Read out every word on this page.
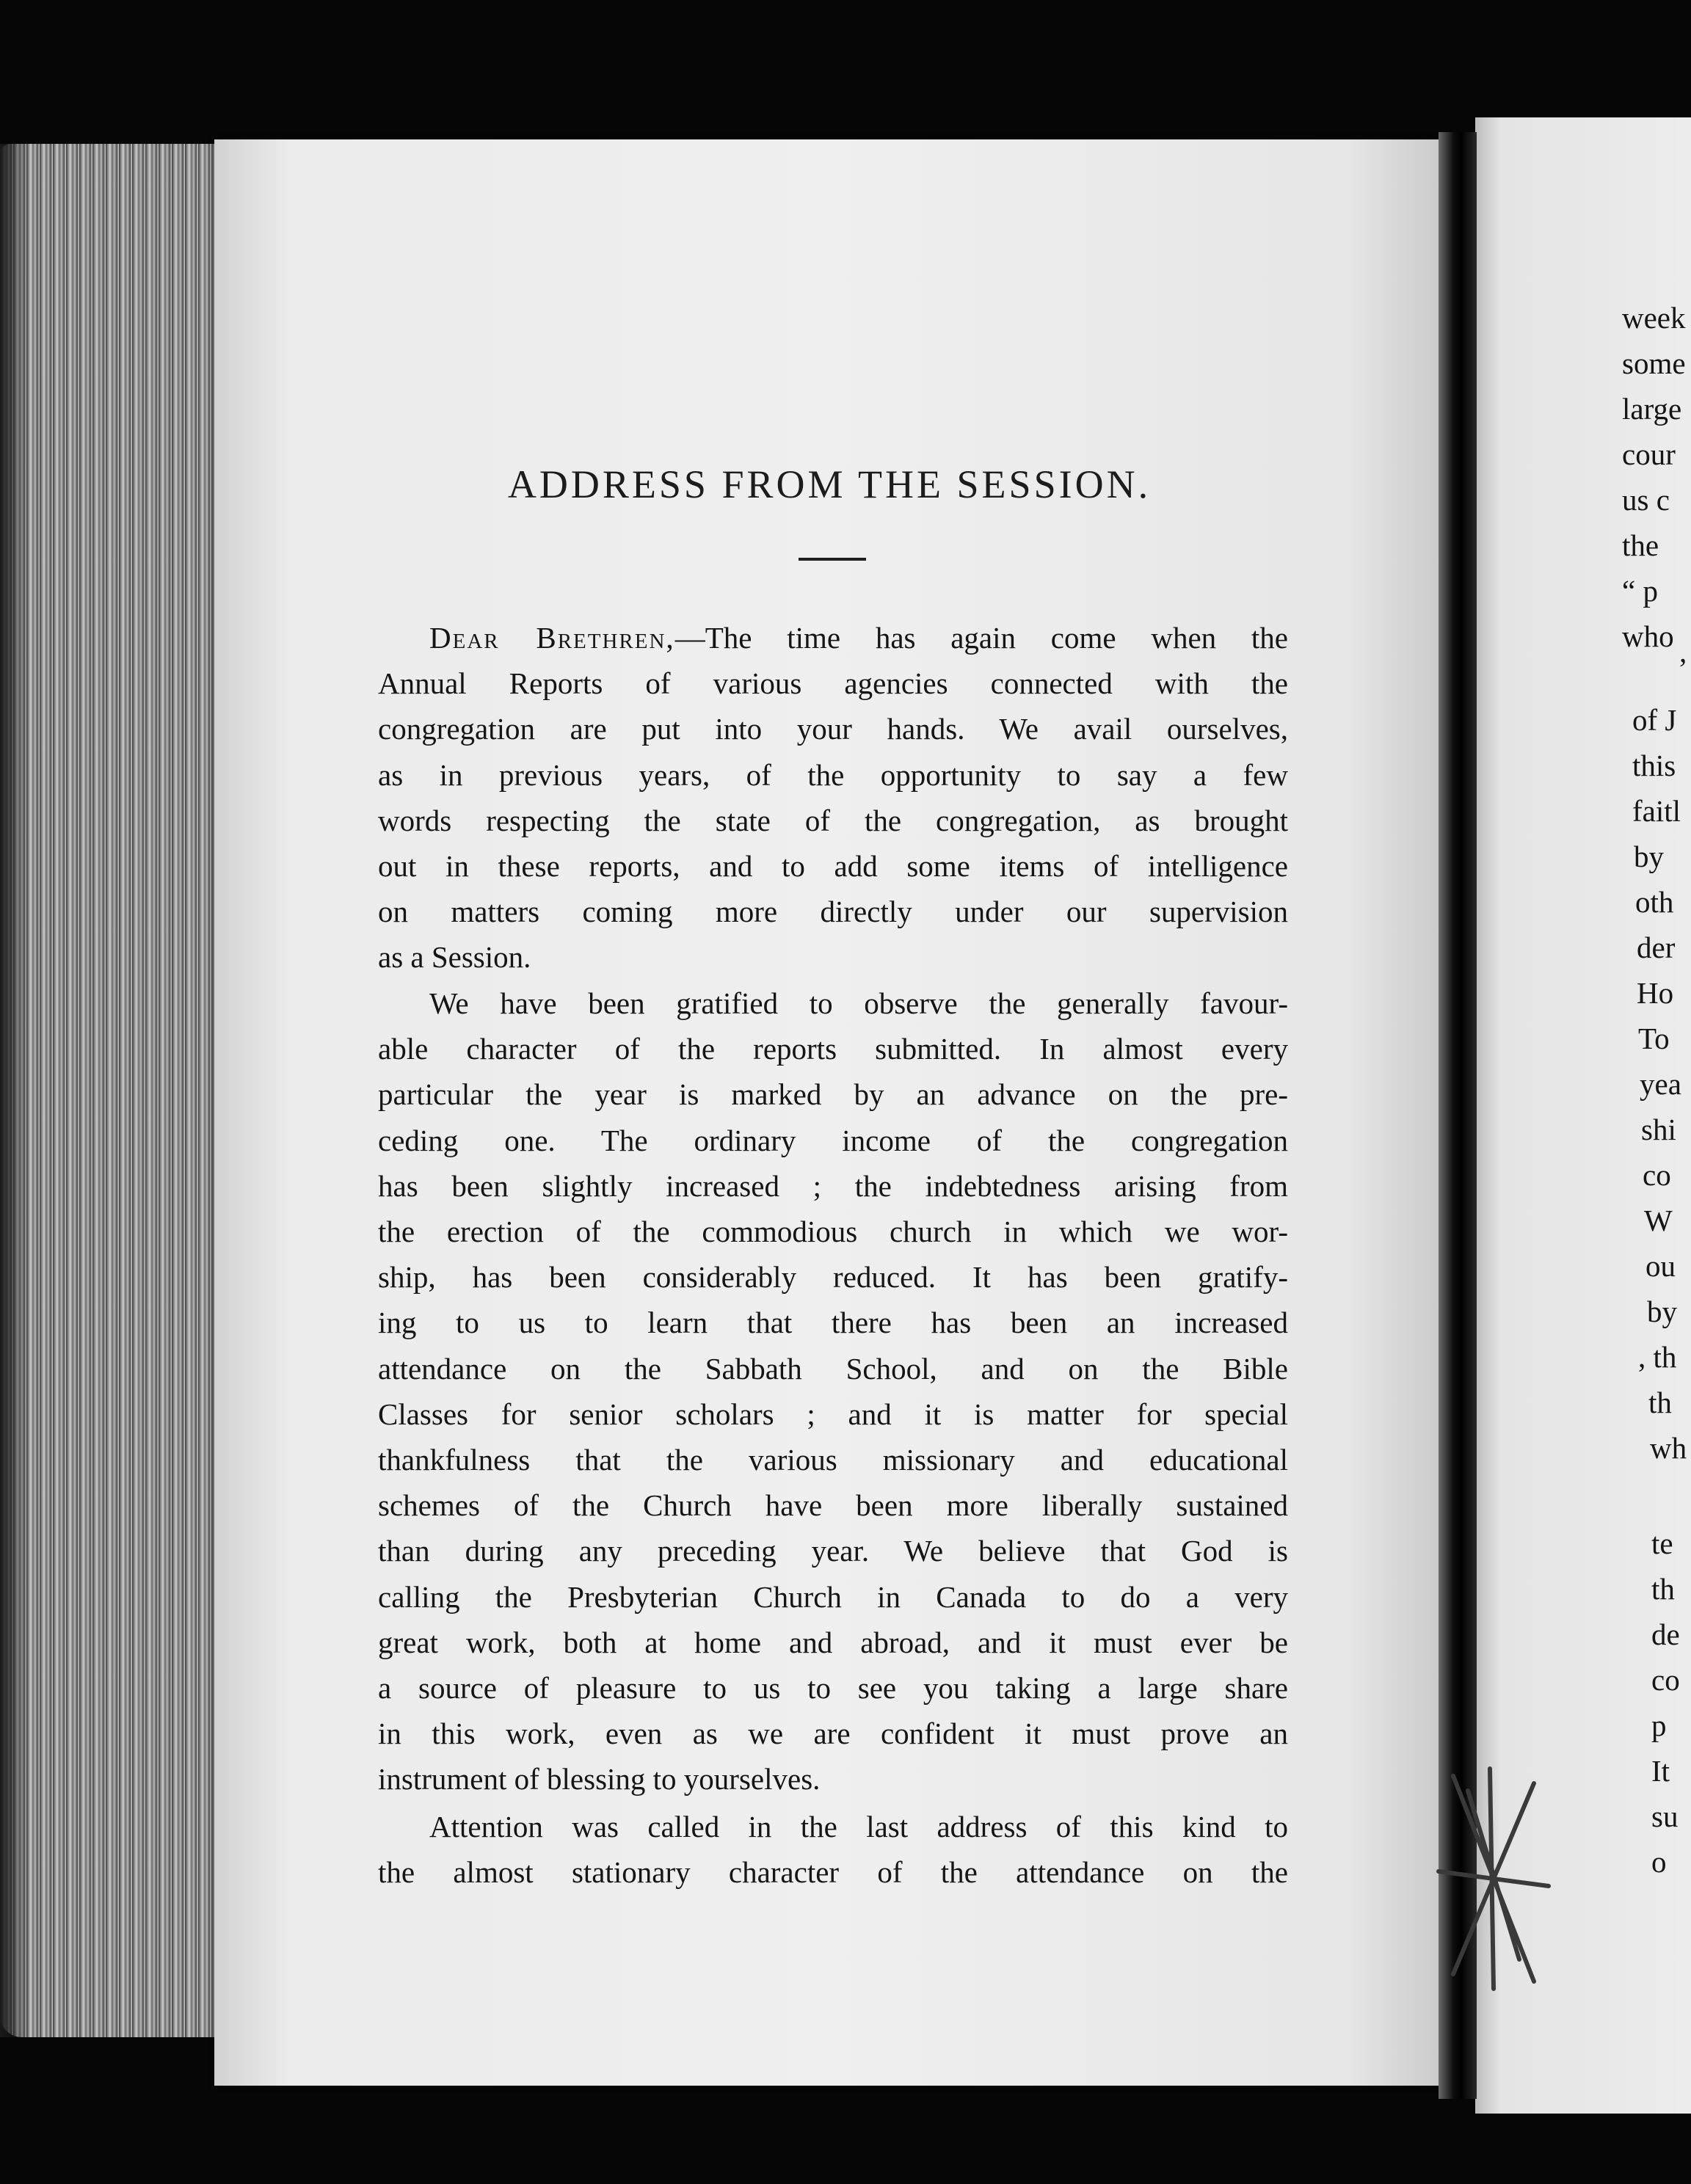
ADDRESS FROM THE SESSION.

Dear Brethren,—The time has again come when the
Annual Reports of various agencies connected with the
congregation are put into your hands. We avail ourselves,
as in previous years, of the opportunity to say a few
words respecting the state of the congregation, as brought
out in these reports, and to add some items of intelligence
on matters coming more directly under our supervision
as a Session.

We have been gratified to observe the generally favour-
able character of the reports submitted. In almost every
particular the year is marked by an advance on the pre-
ceding one. The ordinary income of the congregation
has been slightly increased ; the indebtedness arising from
the erection of the commodious church in which we wor-
ship, has been considerably reduced. It has been gratify-
ing to us to learn that there has been an increased
attendance on the Sabbath School, and on the Bible
Classes for senior scholars ; and it is matter for special
thankfulness that the various missionary and educational
schemes of the Church have been more liberally sustained
than during any preceding year. We believe that God is
calling the Presbyterian Church in Canada to do a very
great work, both at home and abroad, and it must ever be
a source of pleasure to us to see you taking a large share
in this work, even as we are confident it must prove an
instrument of blessing to yourselves.

Attention was called in the last address of this kind to
the almost stationary character of the attendance on the

week
some
large
cour
us c
the
“ p
who
’
of J
this
faitl
by
oth
der
Ho
To
yea
shi
co
W
ou
by
, th
th
wh
te
th
de
co
p
It
su
o
